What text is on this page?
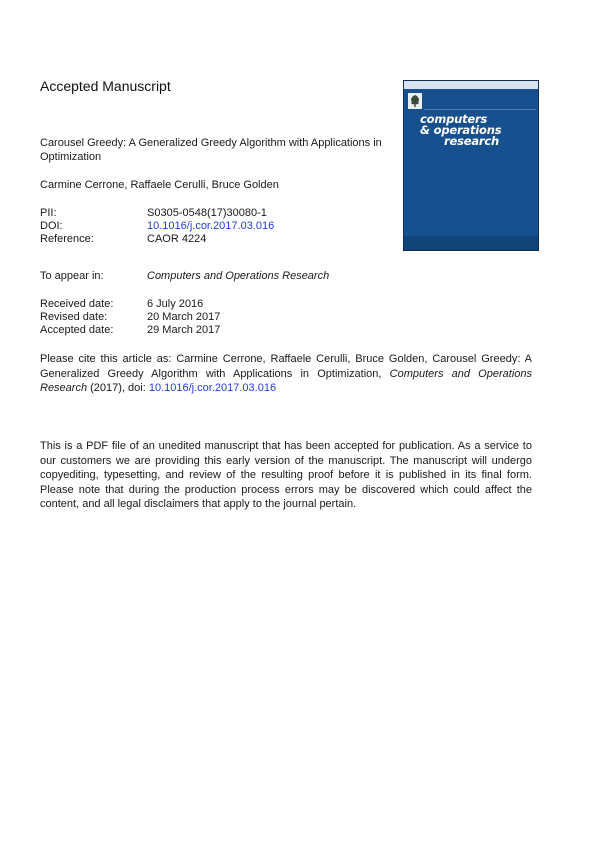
Accepted Manuscript
Carousel Greedy: A Generalized Greedy Algorithm with Applications in Optimization
Carmine Cerrone, Raffaele Cerulli, Bruce Golden
PII:	S0305-0548(17)30080-1
DOI:	10.1016/j.cor.2017.03.016
Reference:	CAOR 4224
To appear in:	Computers and Operations Research
Received date:	6 July 2016
Revised date:	20 March 2017
Accepted date:	29 March 2017
Please cite this article as: Carmine Cerrone, Raffaele Cerulli, Bruce Golden, Carousel Greedy: A Generalized Greedy Algorithm with Applications in Optimization, Computers and Operations Research (2017), doi: 10.1016/j.cor.2017.03.016
This is a PDF file of an unedited manuscript that has been accepted for publication. As a service to our customers we are providing this early version of the manuscript. The manuscript will undergo copyediting, typesetting, and review of the resulting proof before it is published in its final form. Please note that during the production process errors may be discovered which could affect the content, and all legal disclaimers that apply to the journal pertain.
computers
& operations
research
